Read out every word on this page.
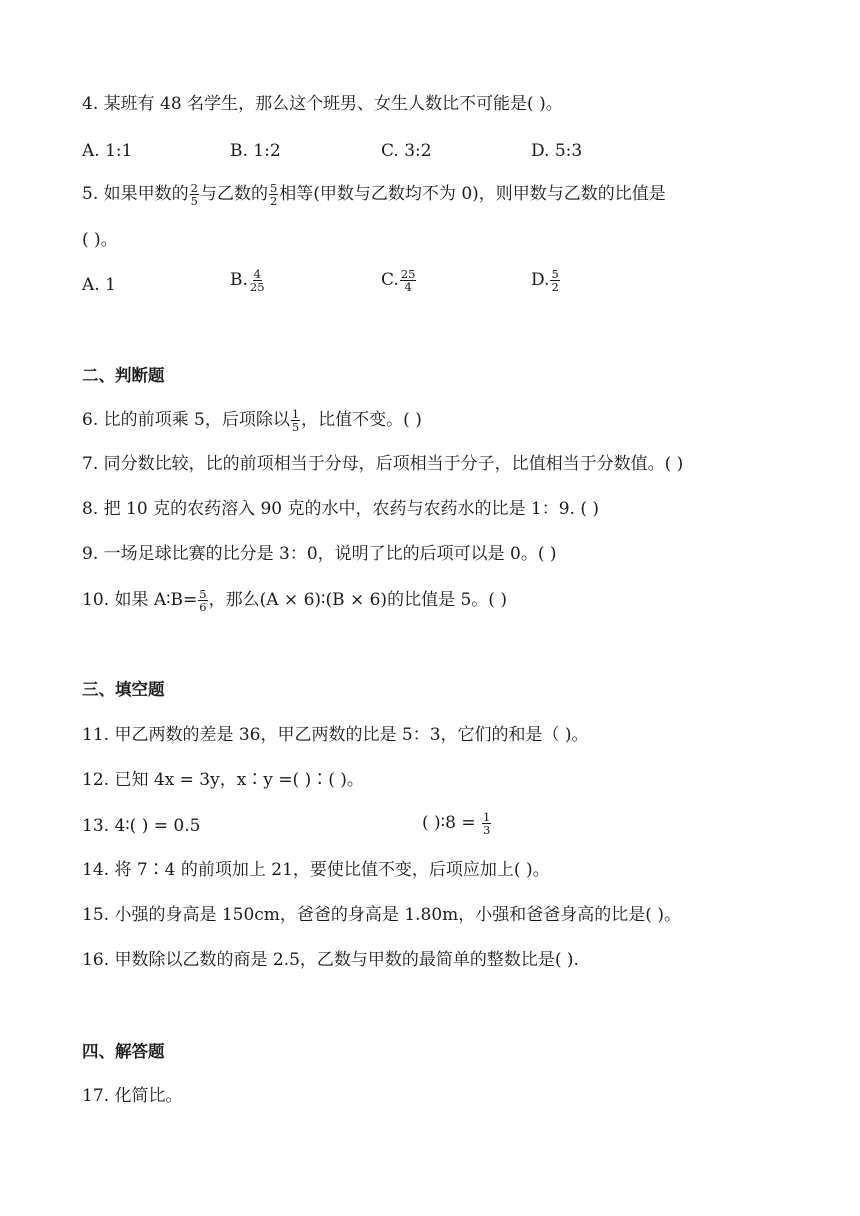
4. 某班有 48 名学生，那么这个班男、女生人数比不可能是( )。
A. 1:1	B. 1:2	C. 3:2	D. 5:3
5. 如果甲数的 $\frac{2}{5}$ 与乙数的 $\frac{5}{2}$ 相等(甲数与乙数均不为 0)，则甲数与乙数的比值是
( )。
A. 1	B. $\frac{4}{25}$	C. $\frac{25}{4}$	D. $\frac{5}{2}$
二、判断题
6. 比的前项乘 5，后项除以 $\frac{1}{5}$ ，比值不变。( )
7. 同分数比较，比的前项相当于分母，后项相当于分子，比值相当于分数值。( )
8. 把 10 克的农药溶入 90 克的水中，农药与农药水的比是 1：9. ( )
9. 一场足球比赛的比分是 3：0，说明了比的后项可以是 0。( )
10. 如果 A∶B= $\frac{5}{6}$ ，那么(A × 6)∶(B × 6)的比值是 5。( )
三、填空题
11. 甲乙两数的差是 36，甲乙两数的比是 5：3，它们的和是（ )。
12. 已知 4x = 3y，x∶y =( )∶( )。
13. 4∶( ) = 0.5	( )∶8 = $\frac{1}{3}$
14. 将 7∶4 的前项加上 21，要使比值不变，后项应加上( )。
15. 小强的身高是 150cm，爸爸的身高是 1.80m，小强和爸爸身高的比是( )。
16. 甲数除以乙数的商是 2.5，乙数与甲数的最简单的整数比是( ).
四、解答题
17. 化简比。
